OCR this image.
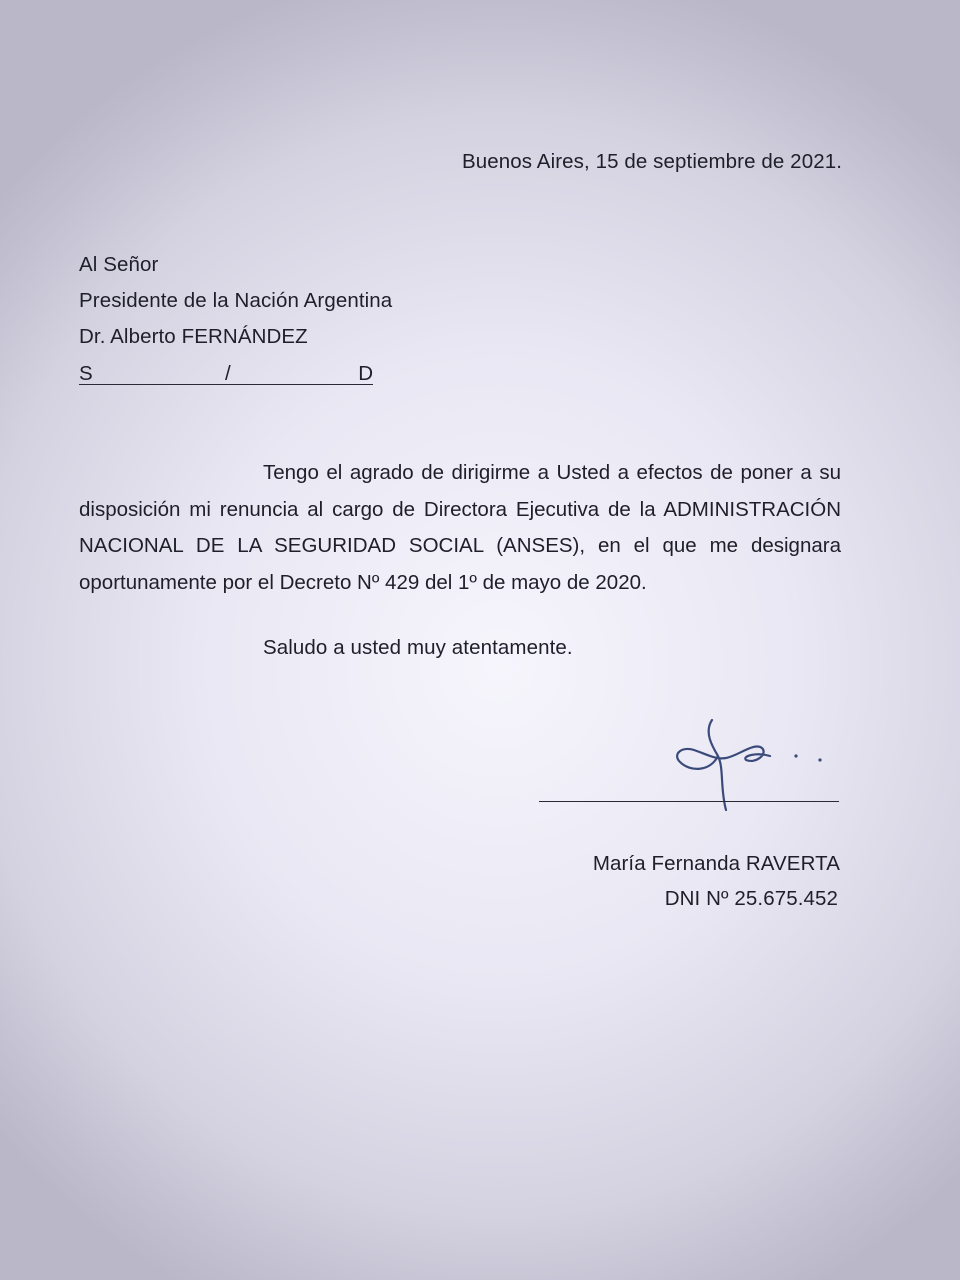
Buenos Aires, 15 de septiembre de 2021.
Al Señor
Presidente de la Nación Argentina
Dr. Alberto FERNÁNDEZ
S	/	D
Tengo el agrado de dirigirme a Usted a efectos de poner a su disposición mi renuncia al cargo de Directora Ejecutiva de la ADMINISTRACIÓN NACIONAL DE LA SEGURIDAD SOCIAL (ANSES), en el que me designara oportunamente por el Decreto Nº 429 del 1º de mayo de 2020.
Saludo a usted muy atentamente.
María Fernanda RAVERTA
DNI Nº 25.675.452
